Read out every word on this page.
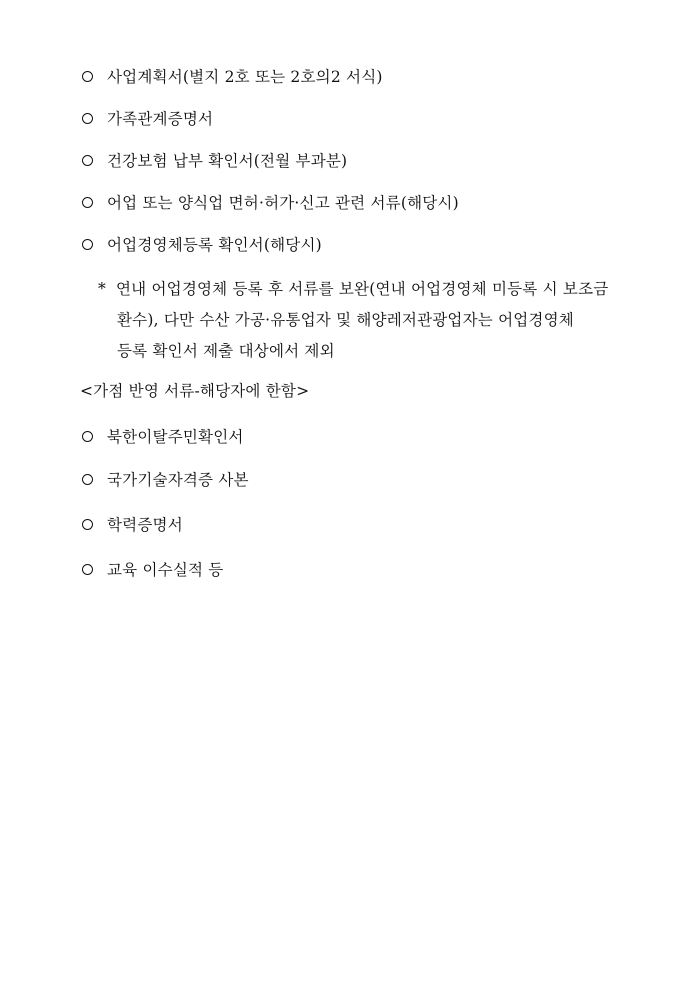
사업계획서(별지 2호 또는 2호의2 서식)
가족관계증명서
건강보험 납부 확인서(전월 부과분)
어업 또는 양식업 면허·허가·신고 관련 서류(해당시)
어업경영체등록 확인서(해당시)
* 연내 어업경영체 등록 후 서류를 보완(연내 어업경영체 미등록 시 보조금
환수), 다만 수산 가공·유통업자 및 해양레저관광업자는 어업경영체
등록 확인서 제출 대상에서 제외
<가점 반영 서류-해당자에 한함>
북한이탈주민확인서
국가기술자격증 사본
학력증명서
교육 이수실적 등
